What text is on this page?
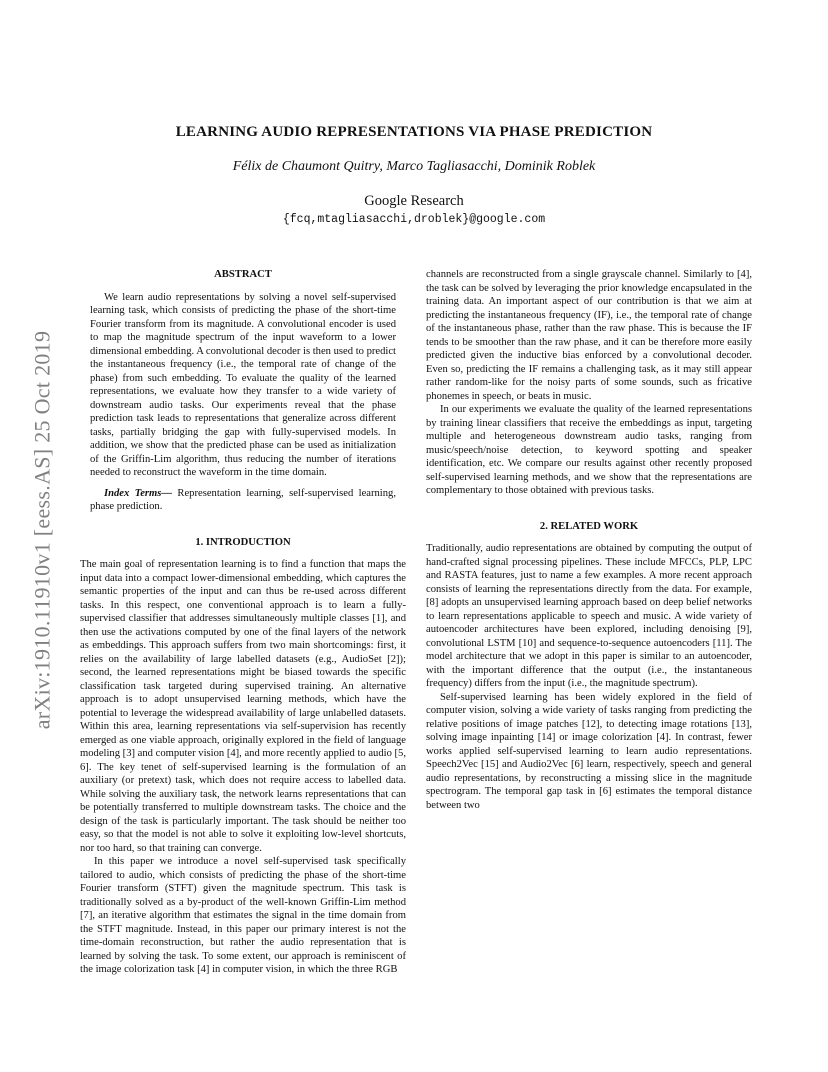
arXiv:1910.11910v1 [eess.AS] 25 Oct 2019
LEARNING AUDIO REPRESENTATIONS VIA PHASE PREDICTION
Félix de Chaumont Quitry, Marco Tagliasacchi, Dominik Roblek
Google Research
{fcq,mtagliasacchi,droblek}@google.com
ABSTRACT

We learn audio representations by solving a novel self-supervised learning task, which consists of predicting the phase of the short-time Fourier transform from its magnitude. A convolutional encoder is used to map the magnitude spectrum of the input waveform to a lower dimensional embedding. A convolutional decoder is then used to predict the instantaneous frequency (i.e., the temporal rate of change of the phase) from such embedding. To evaluate the quality of the learned representations, we evaluate how they transfer to a wide variety of downstream audio tasks. Our experiments reveal that the phase prediction task leads to representations that generalize across different tasks, partially bridging the gap with fully-supervised models. In addition, we show that the predicted phase can be used as initialization of the Griffin-Lim algorithm, thus reducing the number of iterations needed to reconstruct the waveform in the time domain.

Index Terms— Representation learning, self-supervised learning, phase prediction.

1. INTRODUCTION

The main goal of representation learning is to find a function that maps the input data into a compact lower-dimensional embedding, which captures the semantic properties of the input and can thus be re-used across different tasks. In this respect, one conventional approach is to learn a fully-supervised classifier that addresses simultaneously multiple classes [1], and then use the activations computed by one of the final layers of the network as embeddings. This approach suffers from two main shortcomings: first, it relies on the availability of large labelled datasets (e.g., AudioSet [2]); second, the learned representations might be biased towards the specific classification task targeted during supervised training. An alternative approach is to adopt unsupervised learning methods, which have the potential to leverage the widespread availability of large unlabelled datasets. Within this area, learning representations via self-supervision has recently emerged as one viable approach, originally explored in the field of language modeling [3] and computer vision [4], and more recently applied to audio [5, 6]. The key tenet of self-supervised learning is the formulation of an auxiliary (or pretext) task, which does not require access to labelled data. While solving the auxiliary task, the network learns representations that can be potentially transferred to multiple downstream tasks. The choice and the design of the task is particularly important. The task should be neither too easy, so that the model is not able to solve it exploiting low-level shortcuts, nor too hard, so that training can converge.

In this paper we introduce a novel self-supervised task specifically tailored to audio, which consists of predicting the phase of the short-time Fourier transform (STFT) given the magnitude spectrum. This task is traditionally solved as a by-product of the well-known Griffin-Lim method [7], an iterative algorithm that estimates the signal in the time domain from the STFT magnitude. Instead, in this paper our primary interest is not the time-domain reconstruction, but rather the audio representation that is learned by solving the task. To some extent, our approach is reminiscent of the image colorization task [4] in computer vision, in which the three RGB

channels are reconstructed from a single grayscale channel. Similarly to [4], the task can be solved by leveraging the prior knowledge encapsulated in the training data. An important aspect of our contribution is that we aim at predicting the instantaneous frequency (IF), i.e., the temporal rate of change of the instantaneous phase, rather than the raw phase. This is because the IF tends to be smoother than the raw phase, and it can be therefore more easily predicted given the inductive bias enforced by a convolutional decoder. Even so, predicting the IF remains a challenging task, as it may still appear rather random-like for the noisy parts of some sounds, such as fricative phonemes in speech, or beats in music.

In our experiments we evaluate the quality of the learned representations by training linear classifiers that receive the embeddings as input, targeting multiple and heterogeneous downstream audio tasks, ranging from music/speech/noise detection, to keyword spotting and speaker identification, etc. We compare our results against other recently proposed self-supervised learning methods, and we show that the representations are complementary to those obtained with previous tasks.

2. RELATED WORK

Traditionally, audio representations are obtained by computing the output of hand-crafted signal processing pipelines. These include MFCCs, PLP, LPC and RASTA features, just to name a few examples. A more recent approach consists of learning the representations directly from the data. For example, [8] adopts an unsupervised learning approach based on deep belief networks to learn representations applicable to speech and music. A wide variety of autoencoder architectures have been explored, including denoising [9], convolutional LSTM [10] and sequence-to-sequence autoencoders [11]. The model architecture that we adopt in this paper is similar to an autoencoder, with the important difference that the output (i.e., the instantaneous frequency) differs from the input (i.e., the magnitude spectrum).

Self-supervised learning has been widely explored in the field of computer vision, solving a wide variety of tasks ranging from predicting the relative positions of image patches [12], to detecting image rotations [13], solving image inpainting [14] or image colorization [4]. In contrast, fewer works applied self-supervised learning to learn audio representations. Speech2Vec [15] and Audio2Vec [6] learn, respectively, speech and general audio representations, by reconstructing a missing slice in the magnitude spectrogram. The temporal gap task in [6] estimates the temporal distance between two
